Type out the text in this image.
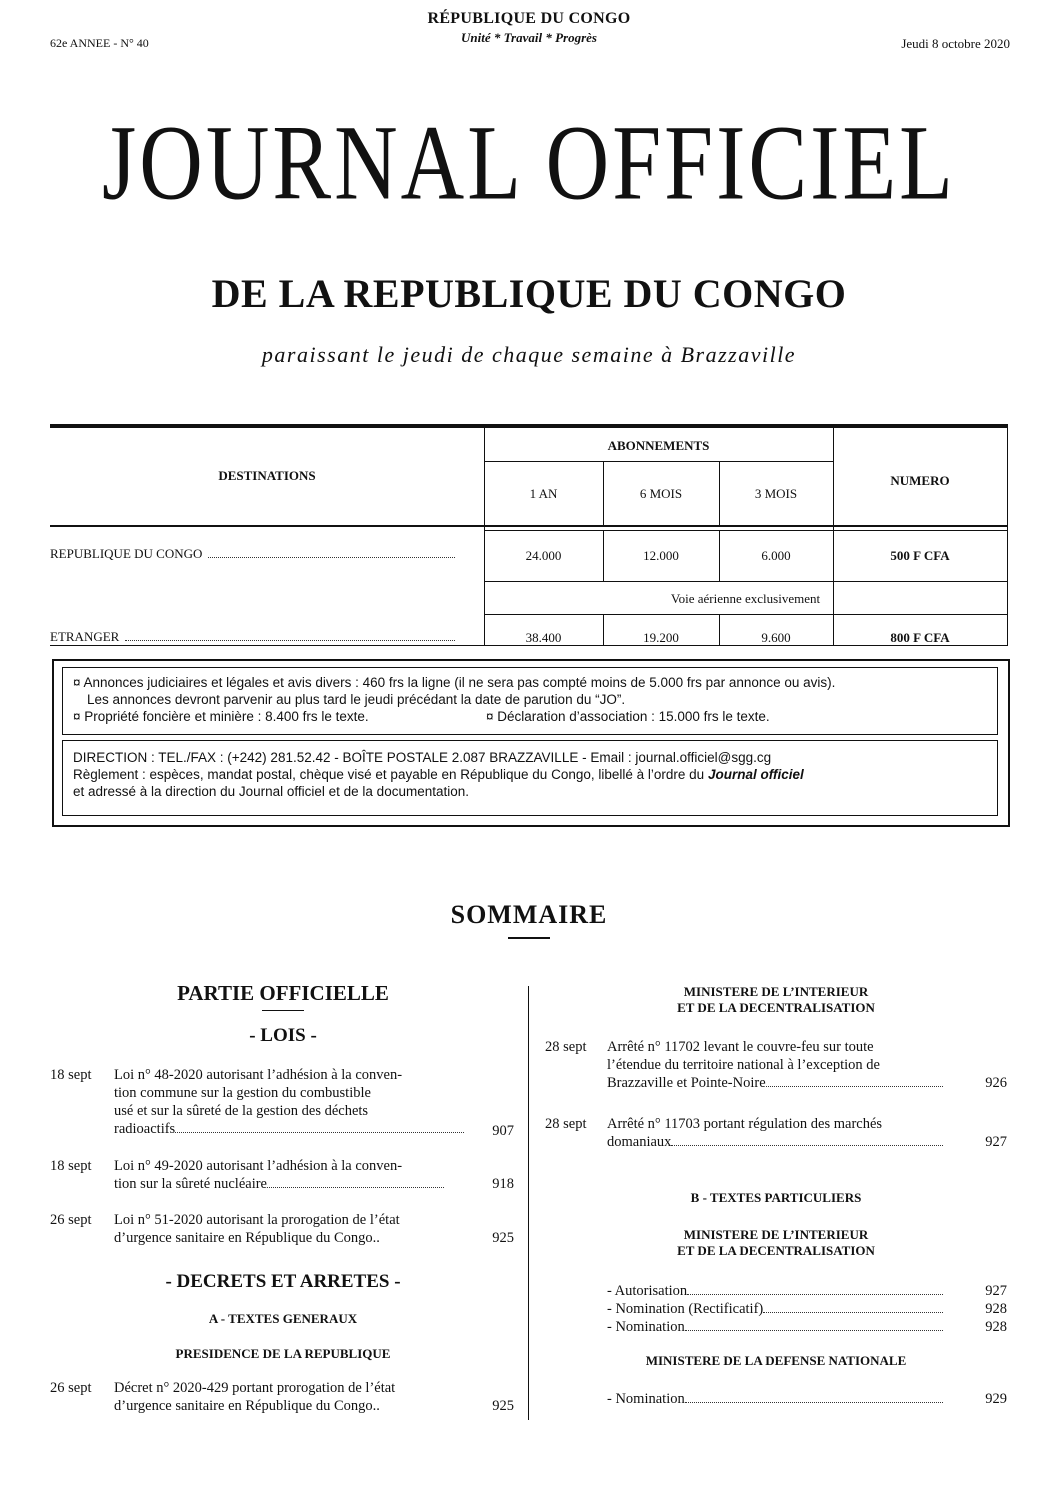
62e ANNEE - N° 40
RÉPUBLIQUE DU CONGO
Unité * Travail * Progrès	Jeudi 8 octobre 2020
JOURNAL OFFICIEL
DE LA REPUBLIQUE DU CONGO
paraissant le jeudi de chaque semaine à Brazzaville
DESTINATIONS
ABONNEMENTS
NUMERO
1 AN	6 MOIS	3 MOIS
REPUBLIQUE DU CONGO	24.000	12.000	6.000	500 F CFA
Voie aérienne exclusivement
ETRANGER	38.400	19.200	9.600	800 F CFA

¤ Annonces judiciaires et légales et avis divers : 460 frs la ligne (il ne sera pas compté moins de 5.000 frs par annonce ou avis).

Les annonces devront parvenir au plus tard le jeudi précédant la date de parution du “JO”.

¤ Propriété foncière et minière : 8.400 frs le texte.	¤ Déclaration d’association : 15.000 frs le texte.

DIRECTION : TEL./FAX : (+242) 281.52.42 - BOÎTE POSTALE 2.087 BRAZZAVILLE - Email : journal.officiel@sgg.cg

Règlement : espèces, mandat postal, chèque visé et payable en République du Congo, libellé à l’ordre du Journal officiel

et adressé à la direction du Journal officiel et de la documentation.

SOMMAIRE
PARTIE OFFICIELLE
- LOIS -
18 sept Loi n° 48-2020 autorisant l’adhésion à la conven-
tion commune sur la gestion du combustible
usé et sur la sûreté de la gestion des déchets
radioactifs	907
18 sept Loi n° 49-2020 autorisant l’adhésion à la conven-
tion sur la sûreté nucléaire	918
26 sept Loi n° 51-2020 autorisant la prorogation de l’état
d’urgence sanitaire en République du Congo..	925
- DECRETS ET ARRETES -
A - TEXTES GENERAUX
PRESIDENCE DE LA REPUBLIQUE
26 sept Décret n° 2020-429 portant prorogation de l’état
d’urgence sanitaire en République du Congo..	925
MINISTERE DE L’INTERIEUR
ET DE LA DECENTRALISATION
28 sept Arrêté n° 11702 levant le couvre-feu sur toute
l’étendue du territoire national à l’exception de
Brazzaville et Pointe-Noire	926
28 sept Arrêté n° 11703 portant régulation des marchés
domaniaux	927
B - TEXTES PARTICULIERS
MINISTERE DE L’INTERIEUR
ET DE LA DECENTRALISATION
- Autorisation	927
- Nomination (Rectificatif)	928
- Nomination	928
MINISTERE DE LA DEFENSE NATIONALE
- Nomination	929
